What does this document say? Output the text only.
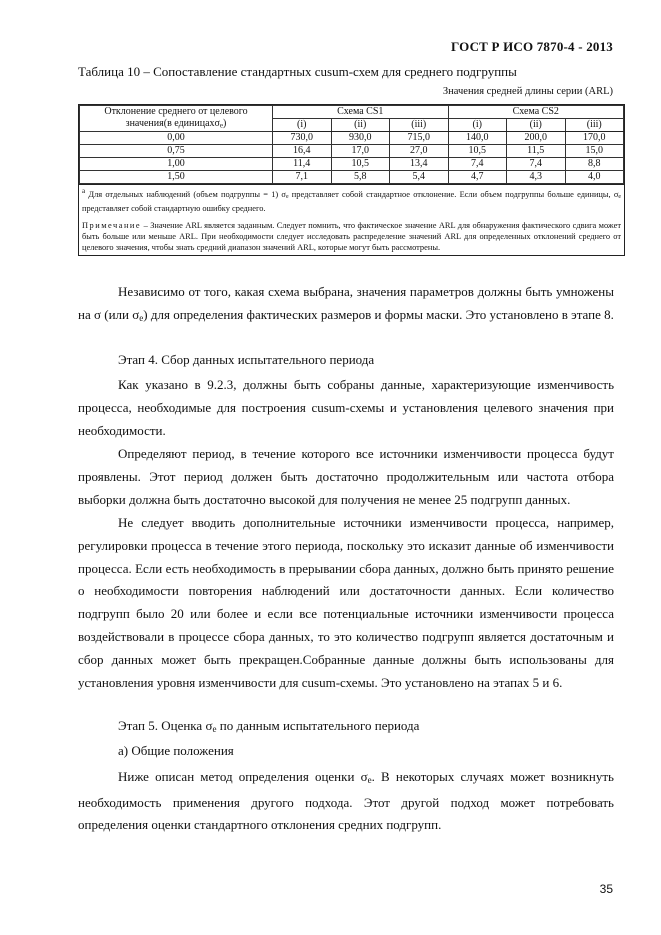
ГОСТ Р ИСО 7870-4 - 2013
Таблица 10 – Сопоставление стандартных cusum-схем для среднего подгруппы
Значения средней длины серии (ARL)
Отклонение среднего от целевого
значения(в единицахσ$_e$)	Схема CS1			Схема CS2		
	(i)	(ii)	(iii)	(i)	(ii)	(iii)
0,00	730,0	930,0	715,0	140,0	200,0	170,0
0,75	16,4	17,0	27,0	10,5	11,5	15,0
1,00	11,4	10,5	13,4	7,4	7,4	8,8
1,50	7,1	5,8	5,4	4,7	4,3	4,0
$^a$ Для отдельных наблюдений (объем подгруппы = 1) $\sigma_e$ представляет собой стандартное отклонение. Если объем подгруппы больше единицы, $\sigma_e$ представляет собой стандартную ошибку среднего.
Примечание – Значение ARL является заданным. Следует помнить, что фактическое значение ARL для обнаружения фактического сдвига может быть больше или меньше ARL. При необходимости следует исследовать распределение значений ARL для определенных отклонений среднего от целевого значения, чтобы знать средний диапазон значений ARL, которые могут быть рассмотрены.
Независимо от того, какая схема выбрана, значения параметров должны быть умножены на σ (или $\sigma_e$) для определения фактических размеров и формы маски. Это установлено в этапе 8.
Этап 4. Сбор данных испытательного периода
Как указано в 9.2.3, должны быть собраны данные, характеризующие изменчивость процесса, необходимые для построения cusum-схемы и установления целевого значения при необходимости.
Определяют период, в течение которого все источники изменчивости процесса будут проявлены. Этот период должен быть достаточно продолжительным или частота отбора выборки должна быть достаточно высокой для получения не менее 25 подгрупп данных.
Не следует вводить дополнительные источники изменчивости процесса, например, регулировки процесса в течение этого периода, поскольку это исказит данные об изменчивости процесса. Если есть необходимость в прерывании сбора данных, должно быть принято решение о необходимости повторения наблюдений или достаточности данных. Если количество подгрупп было 20 или более и если все потенциальные источники изменчивости процесса воздействовали в процессе сбора данных, то это количество подгрупп является достаточным и сбор данных может быть прекращен.Собранные данные должны быть использованы для установления уровня изменчивости для cusum-схемы. Это установлено на этапах 5 и 6.
Этап 5. Оценка $\sigma_e$ по данным испытательного периода
а) Общие положения
Ниже описан метод определения оценки $\sigma_e$. В некоторых случаях может возникнуть необходимость применения другого подхода. Этот другой подход может потребовать определения оценки стандартного отклонения средних подгрупп.
35
